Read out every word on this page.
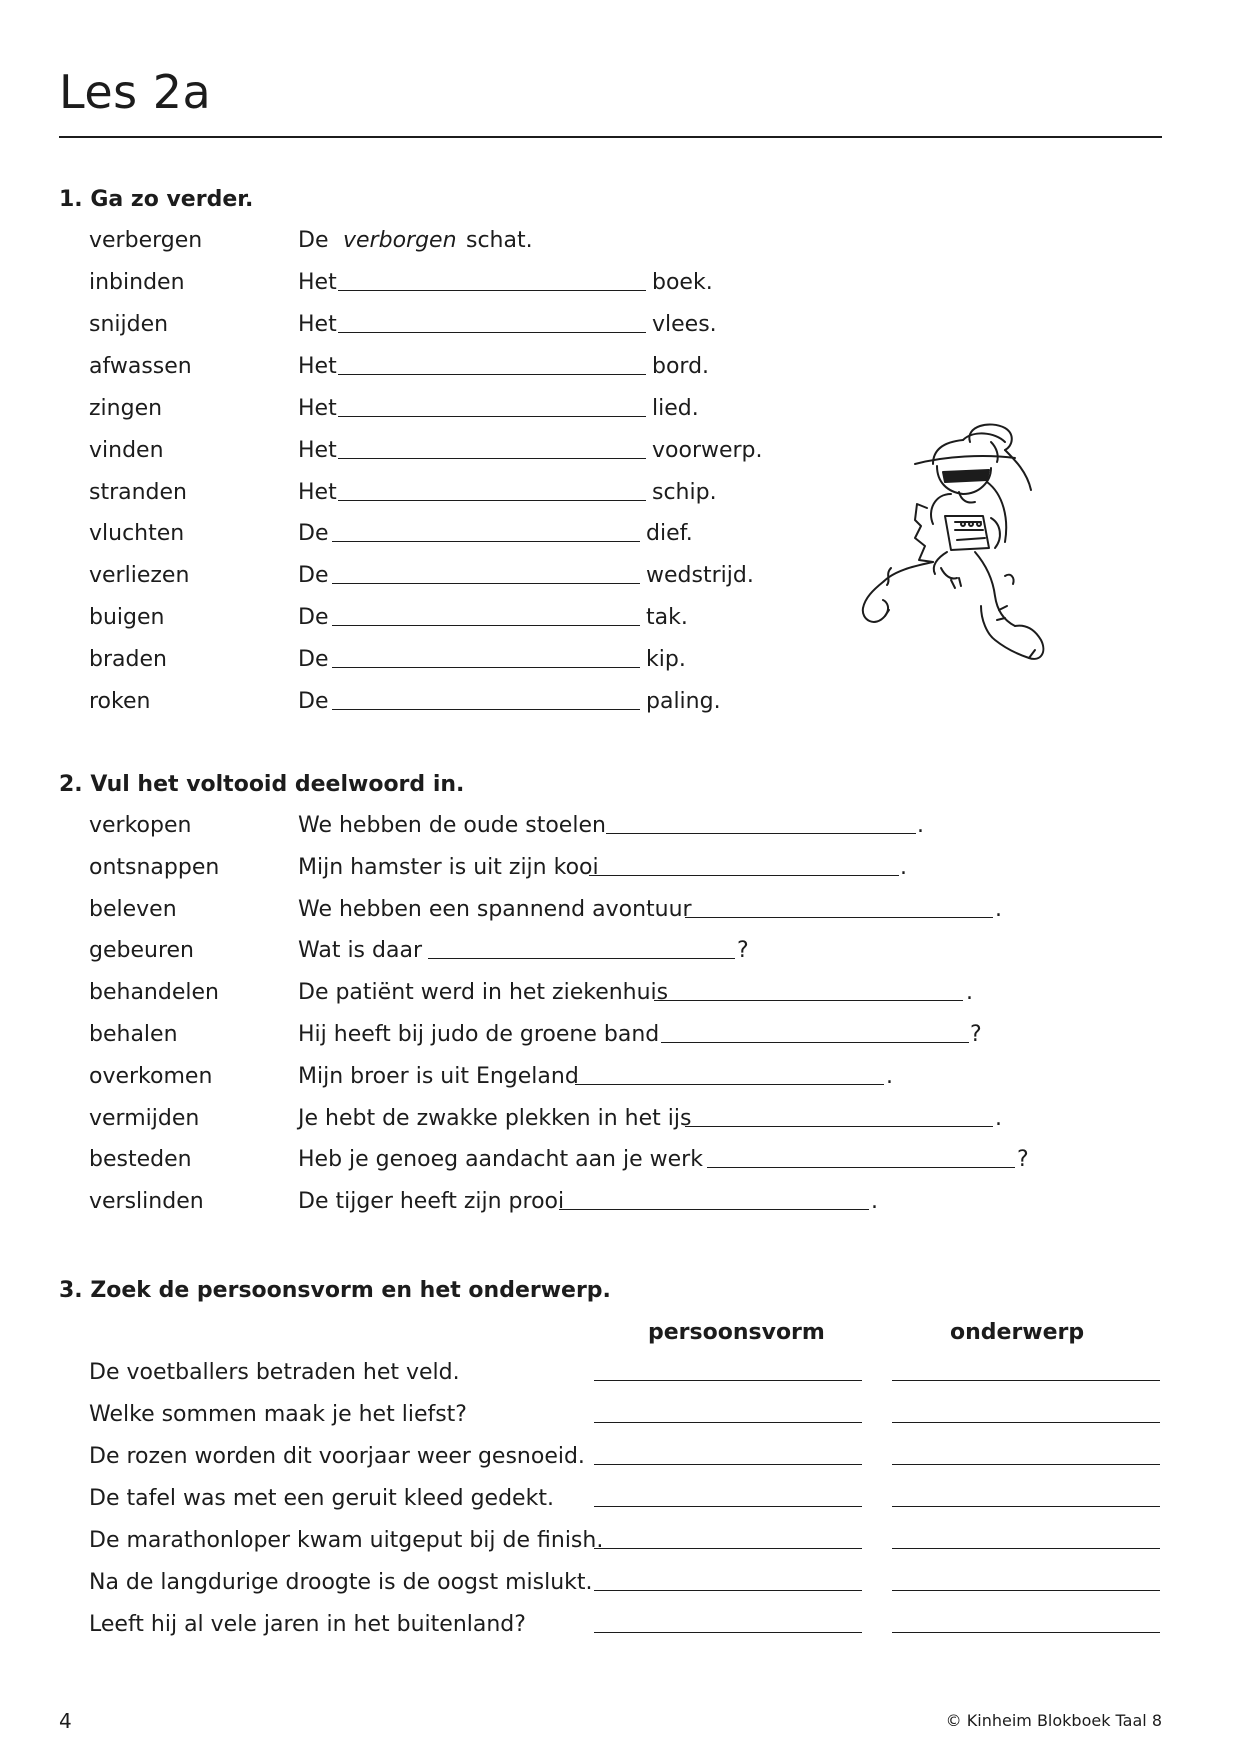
Les 2a
1. Ga zo verder.
verbergen	De verborgen schat.
inbinden	Het	boek.
snijden	Het	vlees.
afwassen	Het	bord.
zingen	Het	lied.
vinden	Het	voorwerp.
stranden	Het	schip.
vluchten	De	dief.
verliezen	De	wedstrijd.
buigen	De	tak.
braden	De	kip.
roken	De	paling.
2. Vul het voltooid deelwoord in.
verkopen	We hebben de oude stoelen	.
ontsnappen	Mijn hamster is uit zijn kooi	.
beleven	We hebben een spannend avontuur	.
gebeuren	Wat is daar	?
behandelen	De patiënt werd in het ziekenhuis	.
behalen	Hij heeft bij judo de groene band	?
overkomen	Mijn broer is uit Engeland	.
vermijden	Je hebt de zwakke plekken in het ijs	.
besteden	Heb je genoeg aandacht aan je werk	?
verslinden	De tijger heeft zijn prooi	.
3. Zoek de persoonsvorm en het onderwerp.
persoonsvorm	onderwerp
De voetballers betraden het veld.
Welke sommen maak je het liefst?
De rozen worden dit voorjaar weer gesnoeid.
De tafel was met een geruit kleed gedekt.
De marathonloper kwam uitgeput bij de finish.
Na de langdurige droogte is de oogst mislukt.
Leeft hij al vele jaren in het buitenland?
4	© Kinheim Blokboek Taal 8
